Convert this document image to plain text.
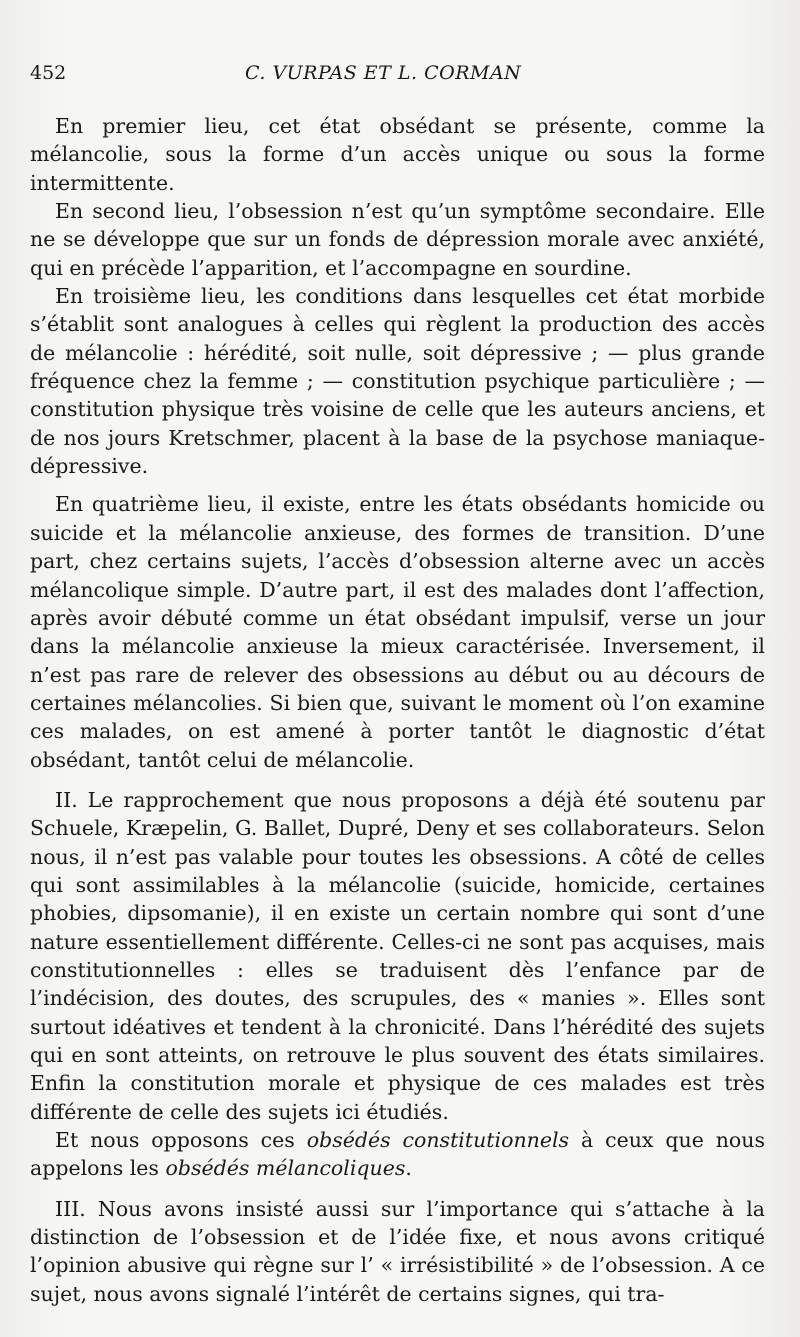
452	C. VURPAS ET L. CORMAN

En premier lieu, cet état obsédant se présente, comme la mélancolie, sous la forme d’un accès unique ou sous la forme intermittente.

En second lieu, l’obsession n’est qu’un symptôme secondaire. Elle ne se développe que sur un fonds de dépression morale avec anxiété, qui en précède l’apparition, et l’accompagne en sourdine.

En troisième lieu, les conditions dans lesquelles cet état morbide s’établit sont analogues à celles qui règlent la production des accès de mélancolie : hérédité, soit nulle, soit dépressive ; — plus grande fréquence chez la femme ; — constitution psychique particulière ; — constitution physique très voisine de celle que les auteurs anciens, et de nos jours Kretschmer, placent à la base de la psychose maniaque-dépressive.

En quatrième lieu, il existe, entre les états obsédants homicide ou suicide et la mélancolie anxieuse, des formes de transition. D’une part, chez certains sujets, l’accès d’obsession alterne avec un accès mélancolique simple. D’autre part, il est des malades dont l’affection, après avoir débuté comme un état obsédant impulsif, verse un jour dans la mélancolie anxieuse la mieux caractérisée. Inversement, il n’est pas rare de relever des obsessions au début ou au décours de certaines mélancolies. Si bien que, suivant le moment où l’on examine ces malades, on est amené à porter tantôt le diagnostic d’état obsédant, tantôt celui de mélancolie.

II. Le rapprochement que nous proposons a déjà été soutenu par Schuele, Kræpelin, G. Ballet, Dupré, Deny et ses collaborateurs. Selon nous, il n’est pas valable pour toutes les obsessions. A côté de celles qui sont assimilables à la mélancolie (suicide, homicide, certaines phobies, dipsomanie), il en existe un certain nombre qui sont d’une nature essentiellement différente. Celles-ci ne sont pas acquises, mais constitutionnelles : elles se traduisent dès l’enfance par de l’indécision, des doutes, des scrupules, des « manies ». Elles sont surtout idéatives et tendent à la chronicité. Dans l’hérédité des sujets qui en sont atteints, on retrouve le plus souvent des états similaires. Enfin la constitution morale et physique de ces malades est très différente de celle des sujets ici étudiés.

Et nous opposons ces obsédés constitutionnels à ceux que nous appelons les obsédés mélancoliques.

III. Nous avons insisté aussi sur l’importance qui s’attache à la distinction de l’obsession et de l’idée fixe, et nous avons critiqué l’opinion abusive qui règne sur l’ « irrésistibilité » de l’obsession. A ce sujet, nous avons signalé l’intérêt de certains signes, qui tra-
